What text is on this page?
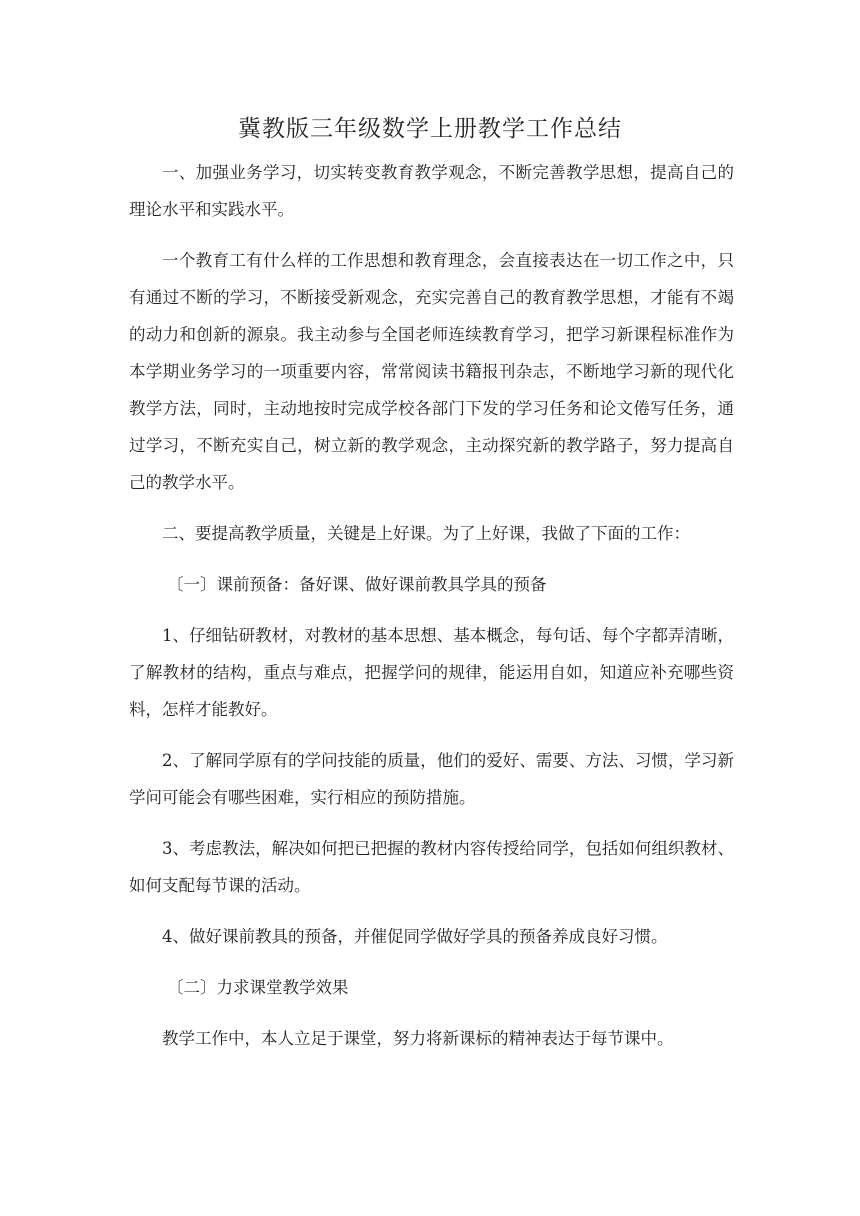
冀教版三年级数学上册教学工作总结

一、加强业务学习，切实转变教育教学观念，不断完善教学思想，提高自己的理论水平和实践水平。

一个教育工有什么样的工作思想和教育理念，会直接表达在一切工作之中，只有通过不断的学习，不断接受新观念，充实完善自己的教育教学思想，才能有不竭的动力和创新的源泉。我主动参与全国老师连续教育学习，把学习新课程标准作为本学期业务学习的一项重要内容，常常阅读书籍报刊杂志，不断地学习新的现代化教学方法，同时，主动地按时完成学校各部门下发的学习任务和论文倦写任务，通过学习，不断充实自己，树立新的教学观念，主动探究新的教学路子，努力提高自己的教学水平。

二、要提高教学质量，关键是上好课。为了上好课，我做了下面的工作：

〔一〕课前预备：备好课、做好课前教具学具的预备

1、仔细钻研教材，对教材的基本思想、基本概念，每句话、每个字都弄清晰，了解教材的结构，重点与难点，把握学问的规律，能运用自如，知道应补充哪些资料，怎样才能教好。

2、了解同学原有的学问技能的质量，他们的爱好、需要、方法、习惯，学习新学问可能会有哪些困难，实行相应的预防措施。

3、考虑教法，解决如何把已把握的教材内容传授给同学，包括如何组织教材、如何支配每节课的活动。

4、做好课前教具的预备，并催促同学做好学具的预备养成良好习惯。

〔二〕力求课堂教学效果

教学工作中，本人立足于课堂，努力将新课标的精神表达于每节课中。
